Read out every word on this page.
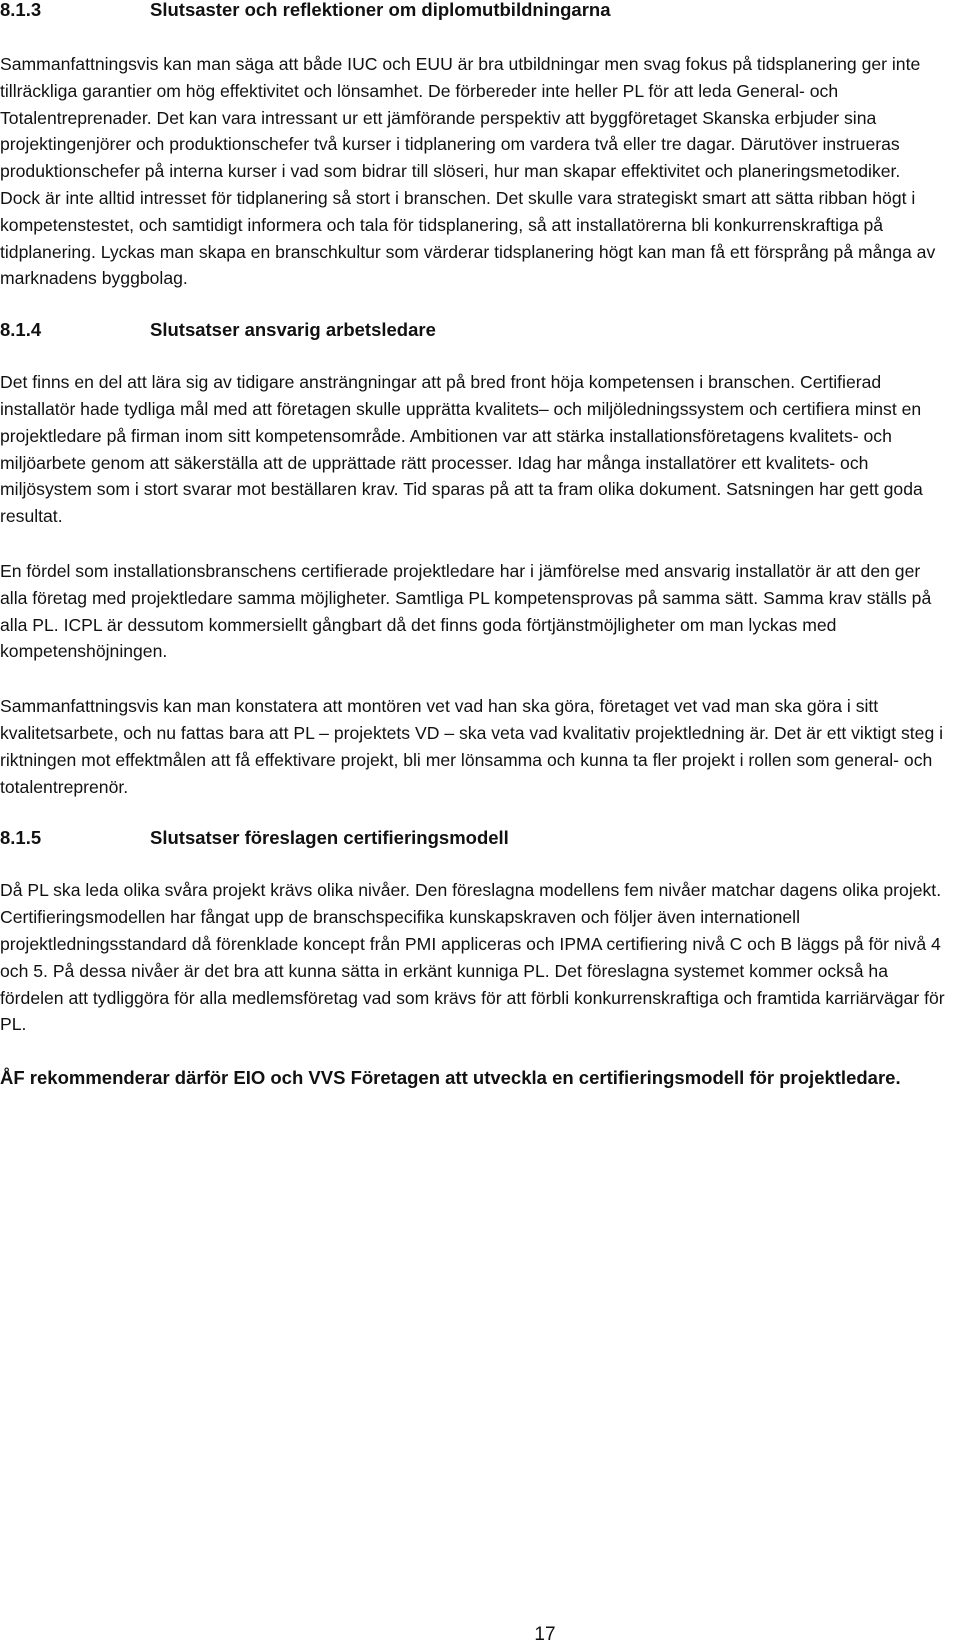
8.1.3	Slutsaster och reflektioner om diplomutbildningarna

Sammanfattningsvis kan man säga att både IUC och EUU är bra utbildningar men svag fokus på tidsplanering ger inte tillräckliga garantier om hög effektivitet och lönsamhet. De förbereder inte heller PL för att leda General- och Totalentreprenader. Det kan vara intressant ur ett jämförande perspektiv att byggföretaget Skanska erbjuder sina projektingenjörer och produktionschefer två kurser i tidplanering om vardera två eller tre dagar. Därutöver instrueras produktionschefer på interna kurser i vad som bidrar till slöseri, hur man skapar effektivitet och planeringsmetodiker. Dock är inte alltid intresset för tidplanering så stort i branschen. Det skulle vara strategiskt smart att sätta ribban högt i kompetenstestet, och samtidigt informera och tala för tidsplanering, så att installatörerna bli konkurrenskraftiga på tidplanering. Lyckas man skapa en branschkultur som värderar tidsplanering högt kan man få ett försprång på många av marknadens byggbolag.

8.1.4	Slutsatser ansvarig arbetsledare

Det finns en del att lära sig av tidigare ansträngningar att på bred front höja kompetensen i branschen. Certifierad installatör hade tydliga mål med att företagen skulle upprätta kvalitets– och miljöledningssystem och certifiera minst en projektledare på firman inom sitt kompetensområde. Ambitionen var att stärka installationsföretagens kvalitets- och miljöarbete genom att säkerställa att de upprättade rätt processer. Idag har många installatörer ett kvalitets- och miljösystem som i stort svarar mot beställaren krav. Tid sparas på att ta fram olika dokument. Satsningen har gett goda resultat.

En fördel som installationsbranschens certifierade projektledare har i jämförelse med ansvarig installatör är att den ger alla företag med projektledare samma möjligheter. Samtliga PL kompetensprovas på samma sätt. Samma krav ställs på alla PL. ICPL är dessutom kommersiellt gångbart då det finns goda förtjänstmöjligheter om man lyckas med kompetenshöjningen.

Sammanfattningsvis kan man konstatera att montören vet vad han ska göra, företaget vet vad man ska göra i sitt kvalitetsarbete, och nu fattas bara att PL – projektets VD – ska veta vad kvalitativ projektledning är. Det är ett viktigt steg i riktningen mot effektmålen att få effektivare projekt, bli mer lönsamma och kunna ta fler projekt i rollen som general- och totalentreprenör.

8.1.5	Slutsatser föreslagen certifieringsmodell

Då PL ska leda olika svåra projekt krävs olika nivåer. Den föreslagna modellens fem nivåer matchar dagens olika projekt. Certifieringsmodellen har fångat upp de branschspecifika kunskapskraven och följer även internationell projektledningsstandard då förenklade koncept från PMI appliceras och IPMA certifiering nivå C och B läggs på för nivå 4 och 5. På dessa nivåer är det bra att kunna sätta in erkänt kunniga PL. Det föreslagna systemet kommer också ha fördelen att tydliggöra för alla medlemsföretag vad som krävs för att förbli konkurrenskraftiga och framtida karriärvägar för PL.

ÅF rekommenderar därför EIO och VVS Företagen att utveckla en certifieringsmodell för projektledare.

17
